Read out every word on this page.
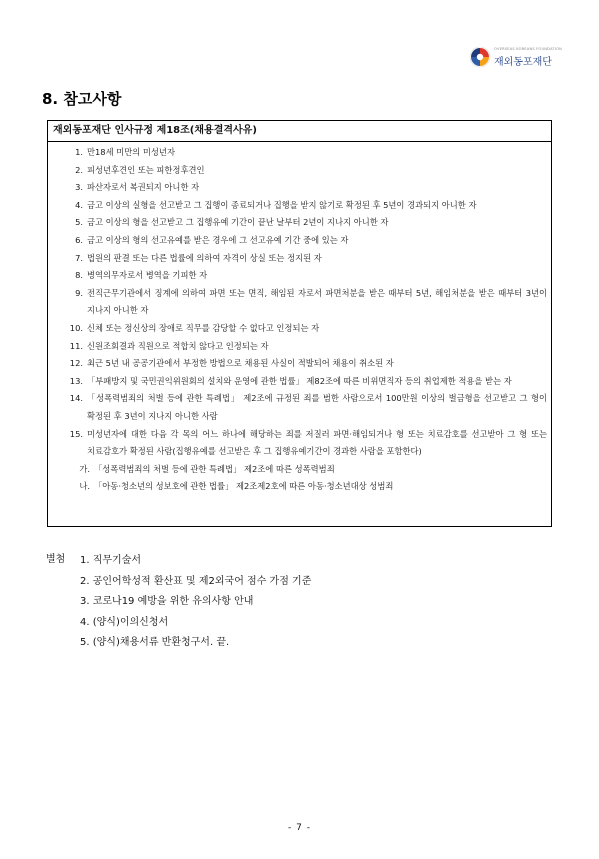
OVERSEAS KOREANS FOUNDATION
재외동포재단
8. 참고사항
재외동포재단 인사규정 제18조(채용결격사유)
1. 만18세 미만의 미성년자
2. 피성년후견인 또는 피한정후견인
3. 파산자로서 복권되지 아니한 자
4. 금고 이상의 실형을 선고받고 그 집행이 종료되거나 집행을 받지 않기로 확정된 후 5년이 경과되지 아니한 자
5. 금고 이상의 형을 선고받고 그 집행유예 기간이 끝난 날부터 2년이 지나지 아니한 자
6. 금고 이상의 형의 선고유예를 받은 경우에 그 선고유예 기간 중에 있는 자
7. 법원의 판결 또는 다른 법률에 의하여 자격이 상실 또는 정지된 자
8. 병역의무자로서 병역을 기피한 자
9. 전직근무기관에서 징계에 의하여 파면 또는 면직, 해임된 자로서 파면처분을 받은 때부터 5년, 해임처분을 받은 때부터 3년이 지나지 아니한 자
10. 신체 또는 정신상의 장애로 직무를 감당할 수 없다고 인정되는 자
11. 신원조회결과 직원으로 적합치 않다고 인정되는 자
12. 최근 5년 내 공공기관에서 부정한 방법으로 채용된 사실이 적발되어 채용이 취소된 자
13. 「부패방지 및 국민권익위원회의 설치와 운영에 관한 법률」 제82조에 따른 비위면직자 등의 취업제한 적용을 받는 자
14. 「성폭력범죄의 처벌 등에 관한 특례법」 제2조에 규정된 죄를 범한 사람으로서 100만원 이상의 벌금형을 선고받고 그 형이 확정된 후 3년이 지나지 아니한 사람
15. 미성년자에 대한 다음 각 목의 어느 하나에 해당하는 죄를 저질러 파면·해임되거나 형 또는 치료감호를 선고받아 그 형 또는 치료감호가 확정된 사람(집행유예를 선고받은 후 그 집행유예기간이 경과한 사람을 포함한다)
가. 「성폭력범죄의 처벌 등에 관한 특례법」 제2조에 따른 성폭력범죄
나. 「아동·청소년의 성보호에 관한 법률」 제2조제2호에 따른 아동·청소년대상 성범죄
별첨 1. 직무기술서
2. 공인어학성적 환산표 및 제2외국어 점수 가점 기준
3. 코로나19 예방을 위한 유의사항 안내
4. (양식)이의신청서
5. (양식)채용서류 반환청구서. 끝.
- 7 -
